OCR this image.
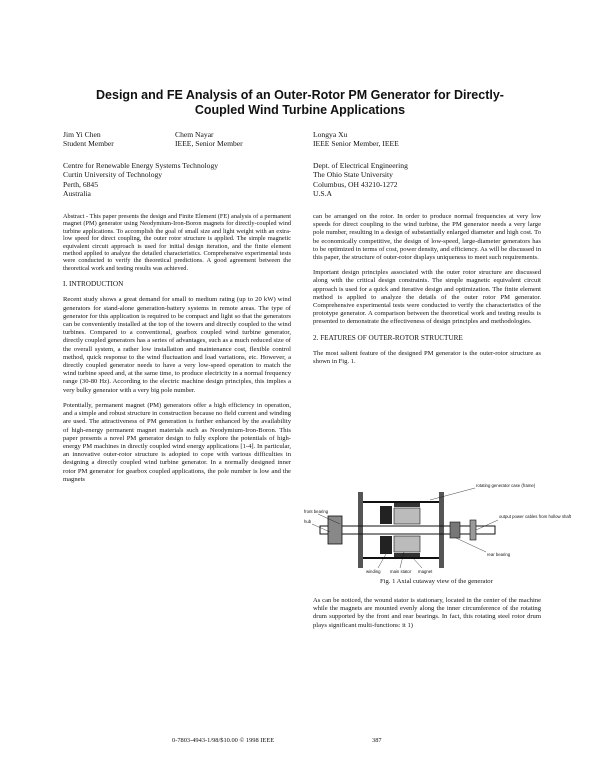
Design and FE Analysis of an Outer-Rotor PM Generator for Directly-
Coupled Wind Turbine Applications
Jim Yi Chen
Student Member
Chem Nayar
IEEE, Senior Member
Longya Xu
IEEE Senior Member, IEEE
Centre for Renewable Energy Systems Technology
Curtin University of Technology
Perth, 6845
Australia
Dept. of Electrical Engineering
The Ohio State University
Columbus, OH 43210-1272
U.S.A

Abstract - This paper presents the design and Finite Element (FE) analysis of a permanent magnet (PM) generator using Neodymium-Iron-Boron magnets for directly-coupled wind turbine applications. To accomplish the goal of small size and light weight with an extra-low speed for direct coupling, the outer rotor structure is applied. The simple magnetic equivalent circuit approach is used for initial design iteration, and the finite element method applied to analyze the detailed characteristics. Comprehensive experimental tests were conducted to verify the theoretical predictions. A good agreement between the theoretical work and testing results was achieved.

I. INTRODUCTION

Recent study shows a great demand for small to medium rating (up to 20 kW) wind generators for stand-alone generation-battery systems in remote areas. The type of generator for this application is required to be compact and light so that the generators can be conveniently installed at the top of the towers and directly coupled to the wind turbines. Compared to a conventional, gearbox coupled wind turbine generator, directly coupled generators has a series of advantages, such as a much reduced size of the overall system, a rather low installation and maintenance cost, flexible control method, quick response to the wind fluctuation and load variations, etc. However, a directly coupled generator needs to have a very low-speed operation to match the wind turbine speed and, at the same time, to produce electricity in a normal frequency range (30-80 Hz). According to the electric machine design principles, this implies a very bulky generator with a very big pole number.

Potentially, permanent magnet (PM) generators offer a high efficiency in operation, and a simple and robust structure in construction because no field current and winding are used. The attractiveness of PM generation is further enhanced by the availability of high-energy permanent magnet materials such as Neodymium-Iron-Boron. This paper presents a novel PM generator design to fully explore the potentials of high-energy PM machines in directly coupled wind energy applications [1-4]. In particular, an innovative outer-rotor structure is adopted to cope with various difficulties in designing a directly coupled wind turbine generator. In a normally designed inner rotor PM generator for gearbox coupled applications, the pole number is low and the magnets

can be arranged on the rotor. In order to produce normal frequencies at very low speeds for direct coupling to the wind turbine, the PM generator needs a very large pole number, resulting in a design of substantially enlarged diameter and high cost. To be economically competitive, the design of low-speed, large-diameter generators has to be optimized in terms of cost, power density, and efficiency. As will be discussed in this paper, the structure of outer-rotor displays uniqueness to meet such requirements.

Important design principles associated with the outer rotor structure are discussed along with the critical design constraints. The simple magnetic equivalent circuit approach is used for a quick and iterative design and optimization. The finite element method is applied to analyze the details of the outer rotor PM generator. Comprehensive experimental tests were conducted to verify the characteristics of the prototype generator. A comparison between the theoretical work and testing results is presented to demonstrate the effectiveness of design principles and methodologies.

2. FEATURES OF OUTER-ROTOR STRUCTURE

The most salient feature of the designed PM generator is the outer-rotor structure as shown in Fig. 1.

rotating generator case (frame)
front bearing
hub
output power cables from hollow shaft
rear bearing
winding main stator magnet
Fig. 1 Axial cutaway view of the generator

As can be noticed, the wound stator is stationary, located in the center of the machine while the magnets are mounted evenly along the inner circumference of the rotating drum supported by the front and rear bearings. In fact, this rotating steel rotor drum plays significant multi-functions: it 1)

0-7803-4943-1/98/$10.00 © 1998 IEEE	387
